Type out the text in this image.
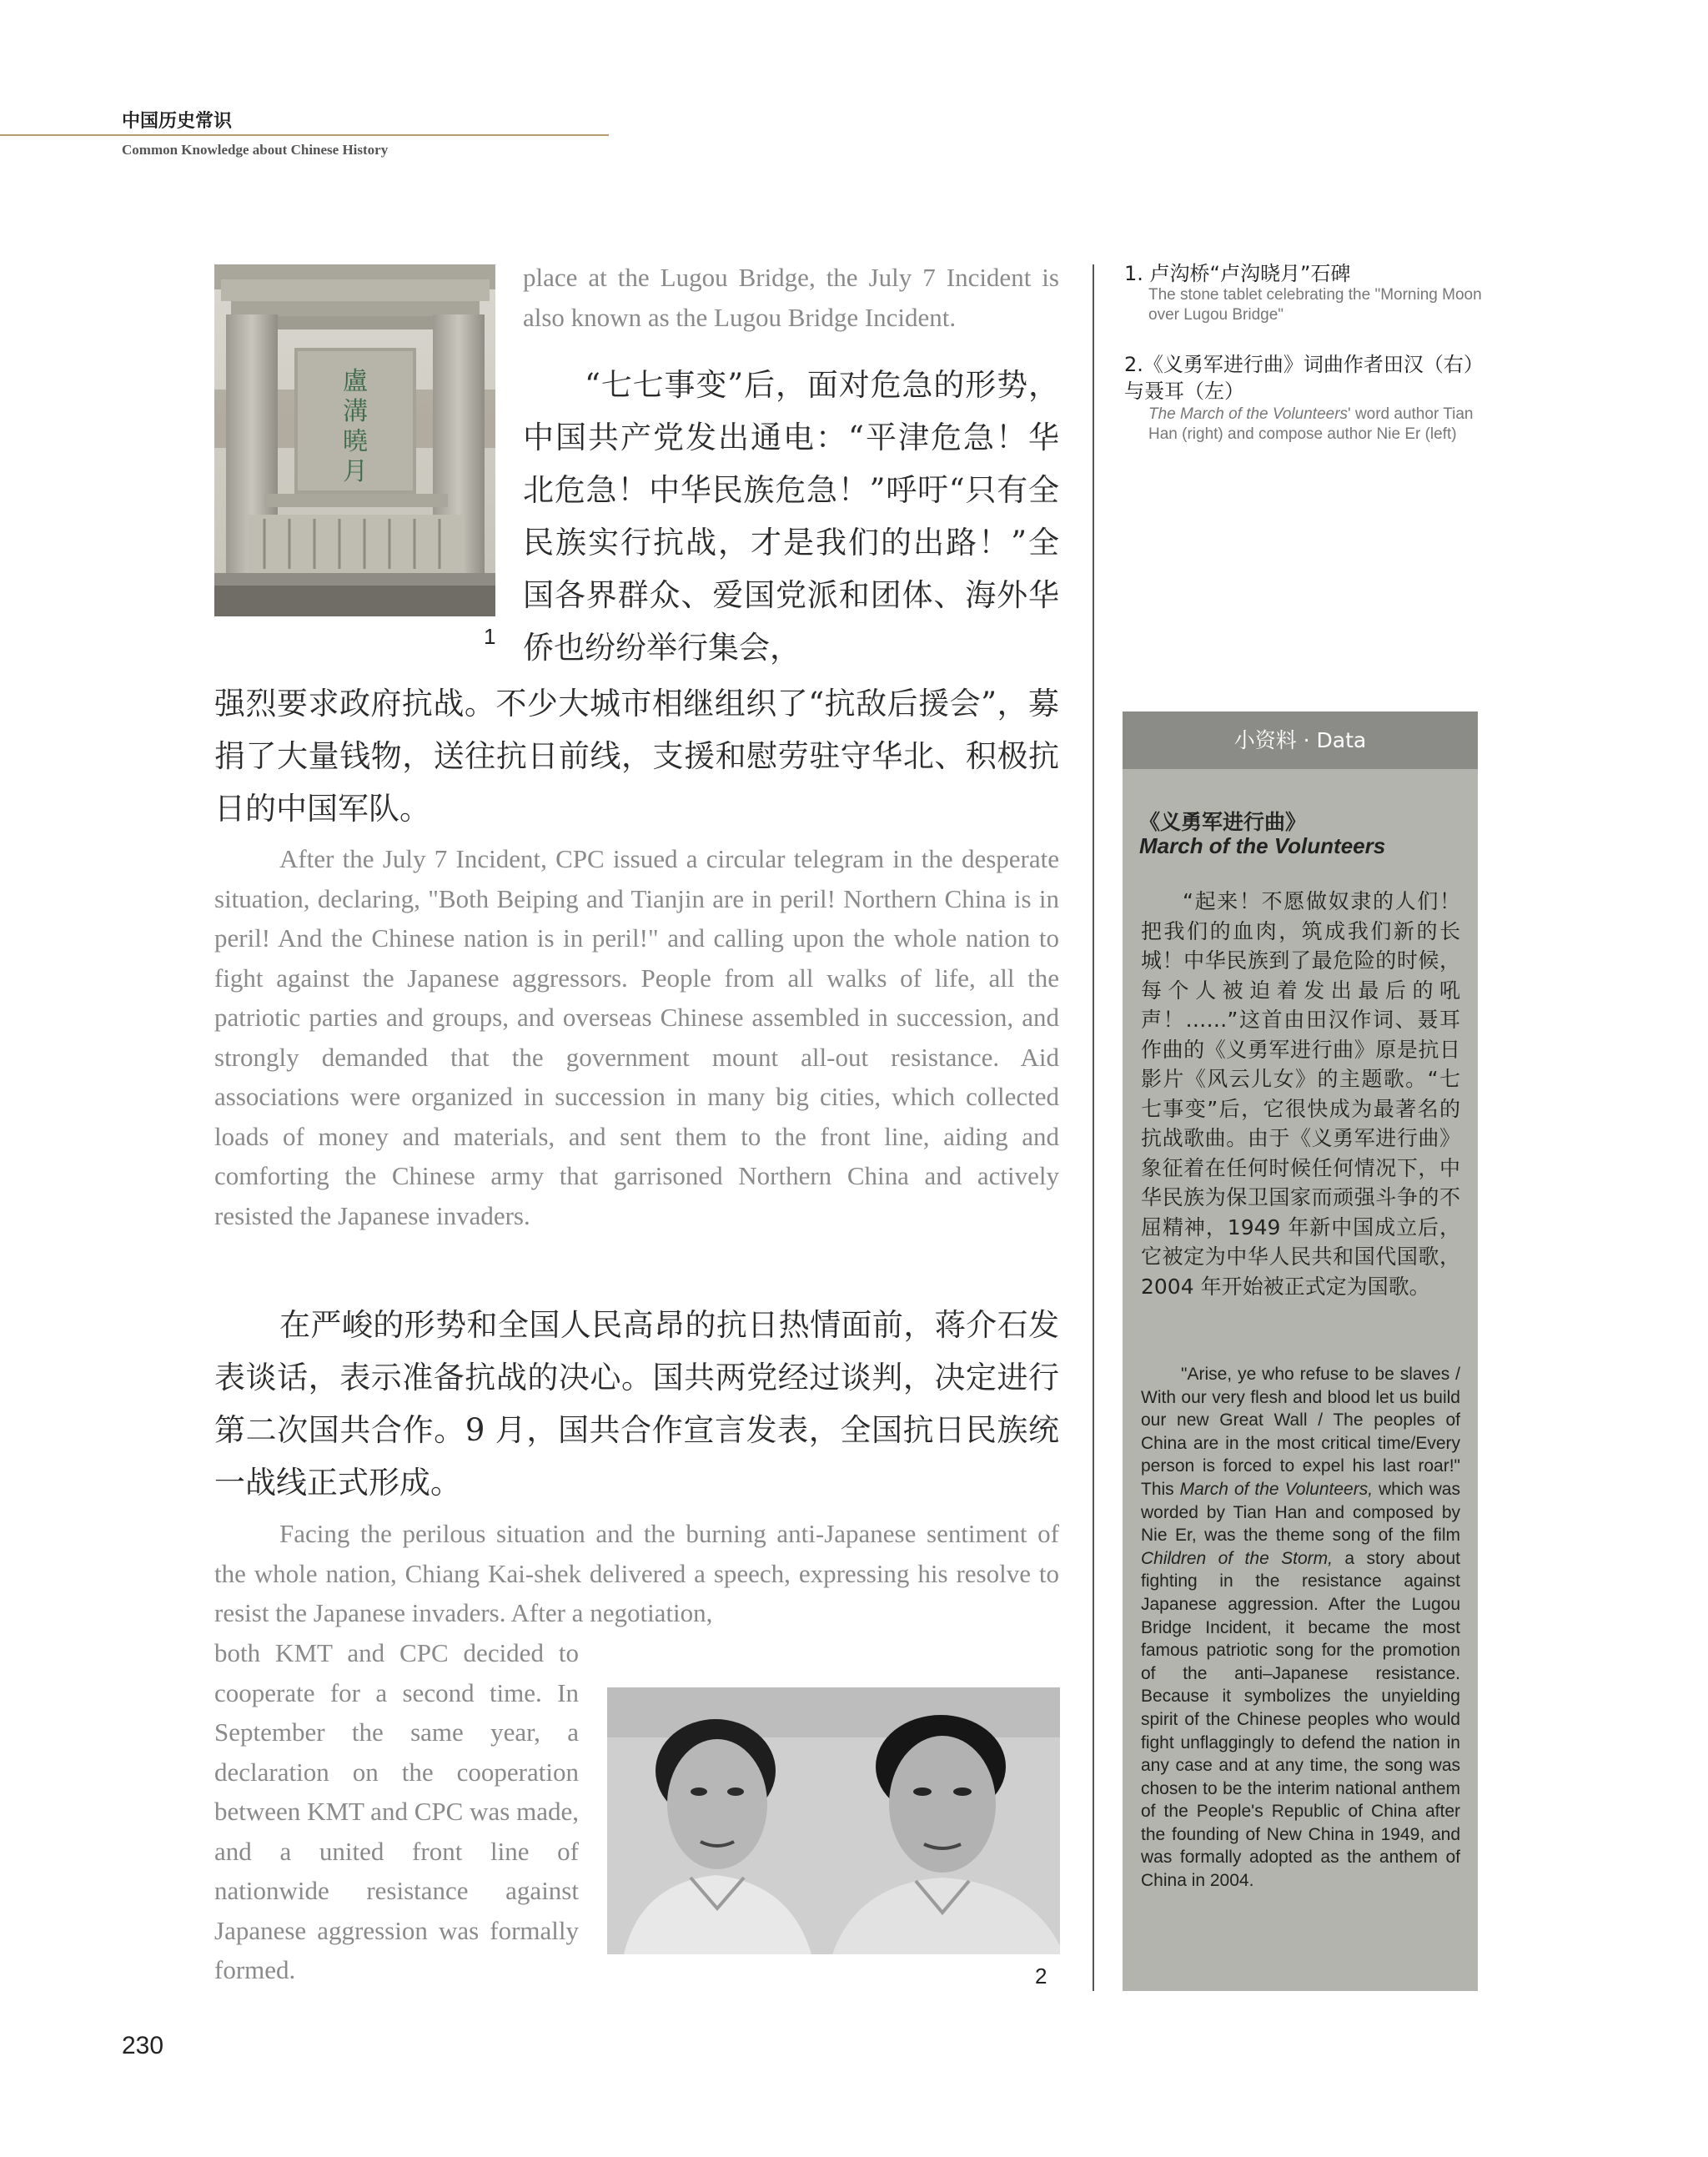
中国历史常识
Common Knowledge about Chinese History
盧
溝
曉
月
1

place at the Lugou Bridge, the July 7 Incident is also known as the Lugou Bridge Incident.

“七七事变”后，面对危急的形势，中国共产党发出通电：“平津危急！华北危急！中华民族危急！”呼吁“只有全民族实行抗战，才是我们的出路！”全国各界群众、爱国党派和团体、海外华侨也纷纷举行集会，

强烈要求政府抗战。不少大城市相继组织了“抗敌后援会”，募捐了大量钱物，送往抗日前线，支援和慰劳驻守华北、积极抗日的中国军队。

After the July 7 Incident, CPC issued a circular telegram in the desperate situation, declaring, "Both Beiping and Tianjin are in peril! Northern China is in peril! And the Chinese nation is in peril!" and calling upon the whole nation to fight against the Japanese aggressors. People from all walks of life, all the patriotic parties and groups, and overseas Chinese assembled in succession, and strongly demanded that the government mount all-out resistance. Aid associations were organized in succession in many big cities, which collected loads of money and materials, and sent them to the front line, aiding and comforting the Chinese army that garrisoned Northern China and actively resisted the Japanese invaders.

在严峻的形势和全国人民高昂的抗日热情面前，蒋介石发表谈话，表示准备抗战的决心。国共两党经过谈判，决定进行第二次国共合作。9 月，国共合作宣言发表，全国抗日民族统一战线正式形成。

Facing the perilous situation and the burning anti-Japanese sentiment of the whole nation, Chiang Kai-shek delivered a speech, expressing his resolve to resist the Japanese invaders. After a negotiation,

both KMT and CPC decided to cooperate for a second time. In September the same year, a declaration on the cooperation between KMT and CPC was made, and a united front line of nationwide resistance against Japanese aggression was formally formed.	2
1. 卢沟桥“卢沟晓月”石碑
The stone tablet celebrating the "Morning Moon over Lugou Bridge"
2.《义勇军进行曲》词曲作者田汉（右）与聂耳（左）
The March of the Volunteers' word author Tian Han (right) and compose author Nie Er (left)
小资料 · Data
《义勇军进行曲》
March of the Volunteers

“起来！不愿做奴隶的人们！把我们的血肉，筑成我们新的长城！中华民族到了最危险的时候，每个人被迫着发出最后的吼声！……”这首由田汉作词、聂耳作曲的《义勇军进行曲》原是抗日影片《风云儿女》的主题歌。“七七事变”后，它很快成为最著名的抗战歌曲。由于《义勇军进行曲》象征着在任何时候任何情况下，中华民族为保卫国家而顽强斗争的不屈精神，1949 年新中国成立后，它被定为中华人民共和国代国歌，2004 年开始被正式定为国歌。

"Arise, ye who refuse to be slaves / With our very flesh and blood let us build our new Great Wall / The peoples of China are in the most critical time/Every person is forced to expel his last roar!" This March of the Volunteers, which was worded by Tian Han and composed by Nie Er, was the theme song of the film Children of the Storm, a story about fighting in the resistance against Japanese aggression. After the Lugou Bridge Incident, it became the most famous patriotic song for the promotion of the anti–Japanese resistance. Because it symbolizes the unyielding spirit of the Chinese peoples who would fight unflaggingly to defend the nation in any case and at any time, the song was chosen to be the interim national anthem of the People's Republic of China after the founding of New China in 1949, and was formally adopted as the anthem of China in 2004.

230
